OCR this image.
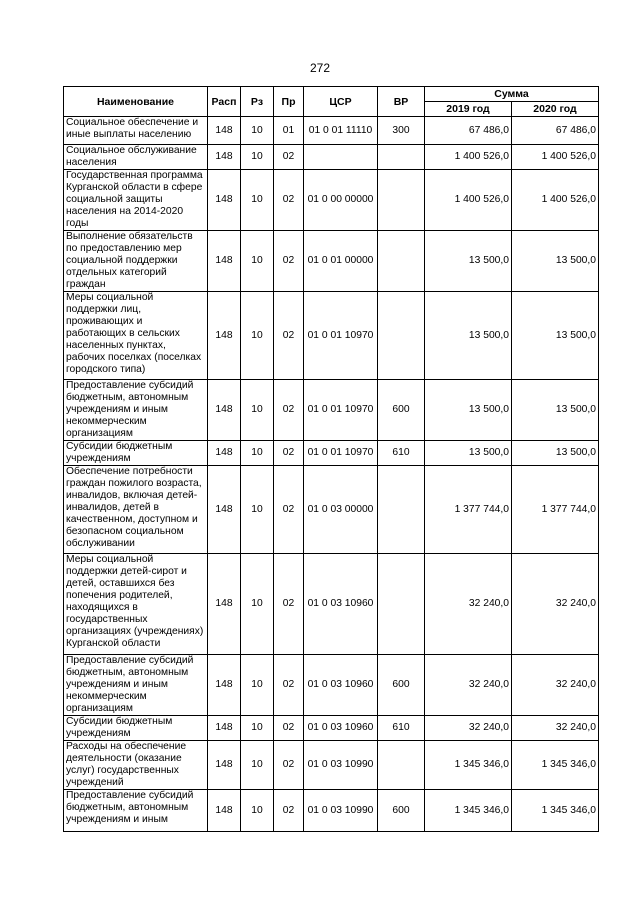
272
Наименование	Расп	Рз	Пр	ЦСР	ВР	Сумма	
						2019 год	2020 год
Социальное обеспечение и иные выплаты населению	148	10	01	01 0 01 11110	300	67 486,0	67 486,0
Социальное обслуживание населения	148	10	02			1 400 526,0	1 400 526,0
Государственная программа Курганской области в сфере социальной защиты населения на 2014-2020 годы	148	10	02	01 0 00 00000		1 400 526,0	1 400 526,0
Выполнение обязательств по предоставлению мер социальной поддержки отдельных категорий граждан	148	10	02	01 0 01 00000		13 500,0	13 500,0
Меры социальной поддержки лиц, проживающих и работающих в сельских населенных пунктах, рабочих поселках (поселках городского типа)	148	10	02	01 0 01 10970		13 500,0	13 500,0
Предоставление субсидий бюджетным, автономным учреждениям и иным некоммерческим организациям	148	10	02	01 0 01 10970	600	13 500,0	13 500,0
Субсидии бюджетным учреждениям	148	10	02	01 0 01 10970	610	13 500,0	13 500,0
Обеспечение потребности граждан пожилого возраста, инвалидов, включая детей-инвалидов, детей в качественном, доступном и безопасном социальном обслуживании	148	10	02	01 0 03 00000		1 377 744,0	1 377 744,0
Меры социальной поддержки детей-сирот и детей, оставшихся без попечения родителей, находящихся в государственных организациях (учреждениях) Курганской области	148	10	02	01 0 03 10960		32 240,0	32 240,0
Предоставление субсидий бюджетным, автономным учреждениям и иным некоммерческим организациям	148	10	02	01 0 03 10960	600	32 240,0	32 240,0
Субсидии бюджетным учреждениям	148	10	02	01 0 03 10960	610	32 240,0	32 240,0
Расходы на обеспечение деятельности (оказание услуг) государственных учреждений	148	10	02	01 0 03 10990		1 345 346,0	1 345 346,0
Предоставление субсидий бюджетным, автономным учреждениям и иным	148	10	02	01 0 03 10990	600	1 345 346,0	1 345 346,0
